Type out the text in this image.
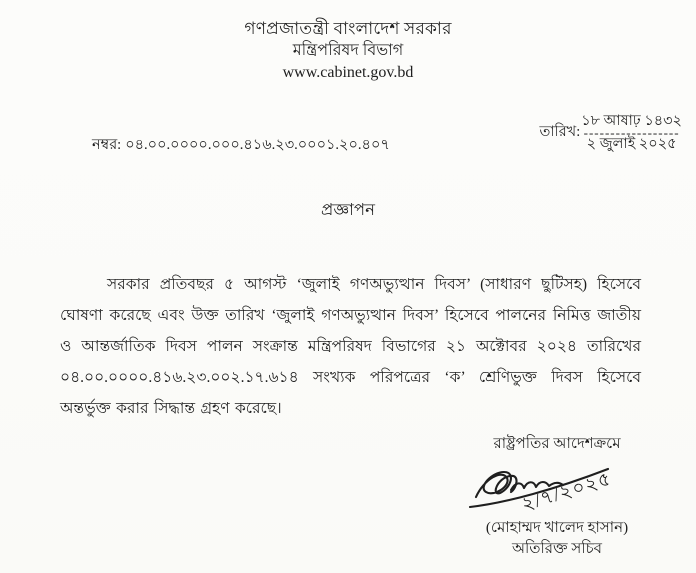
গণপ্রজাতন্ত্রী বাংলাদেশ সরকার
মন্ত্রিপরিষদ বিভাগ
www.cabinet.gov.bd
নম্বর: ০৪.০০.০০০০.০০০.৪১৬.২৩.০০০১.২০.৪০৭
তারিখ:
১৮ আষাঢ় ১৪৩২
------------------
২ জুলাই ২০২৫
প্রজ্ঞাপন

সরকার প্রতিবছর ৫ আগস্ট ‘জুলাই গণঅভ্যুত্থান দিবস’ (সাধারণ ছুটিসহ) হিসেবে ঘোষণা করেছে এবং উক্ত তারিখ ‘জুলাই গণঅভ্যুত্থান দিবস’ হিসেবে পালনের নিমিত্ত জাতীয় ও আন্তর্জাতিক দিবস পালন সংক্রান্ত মন্ত্রিপরিষদ বিভাগের ২১ অক্টোবর ২০২৪ তারিখের ০৪.০০.০০০০.৪১৬.২৩.০০২.১৭.৬১৪ সংখ্যক পরিপত্রের ‘ক’ শ্রেণিভুক্ত দিবস হিসেবে অন্তর্ভুক্ত করার সিদ্ধান্ত গ্রহণ করেছে।

রাষ্ট্রপতির আদেশক্রমে
২/৭/২০২৫
(মোহাম্মদ খালেদ হাসান)
অতিরিক্ত সচিব
